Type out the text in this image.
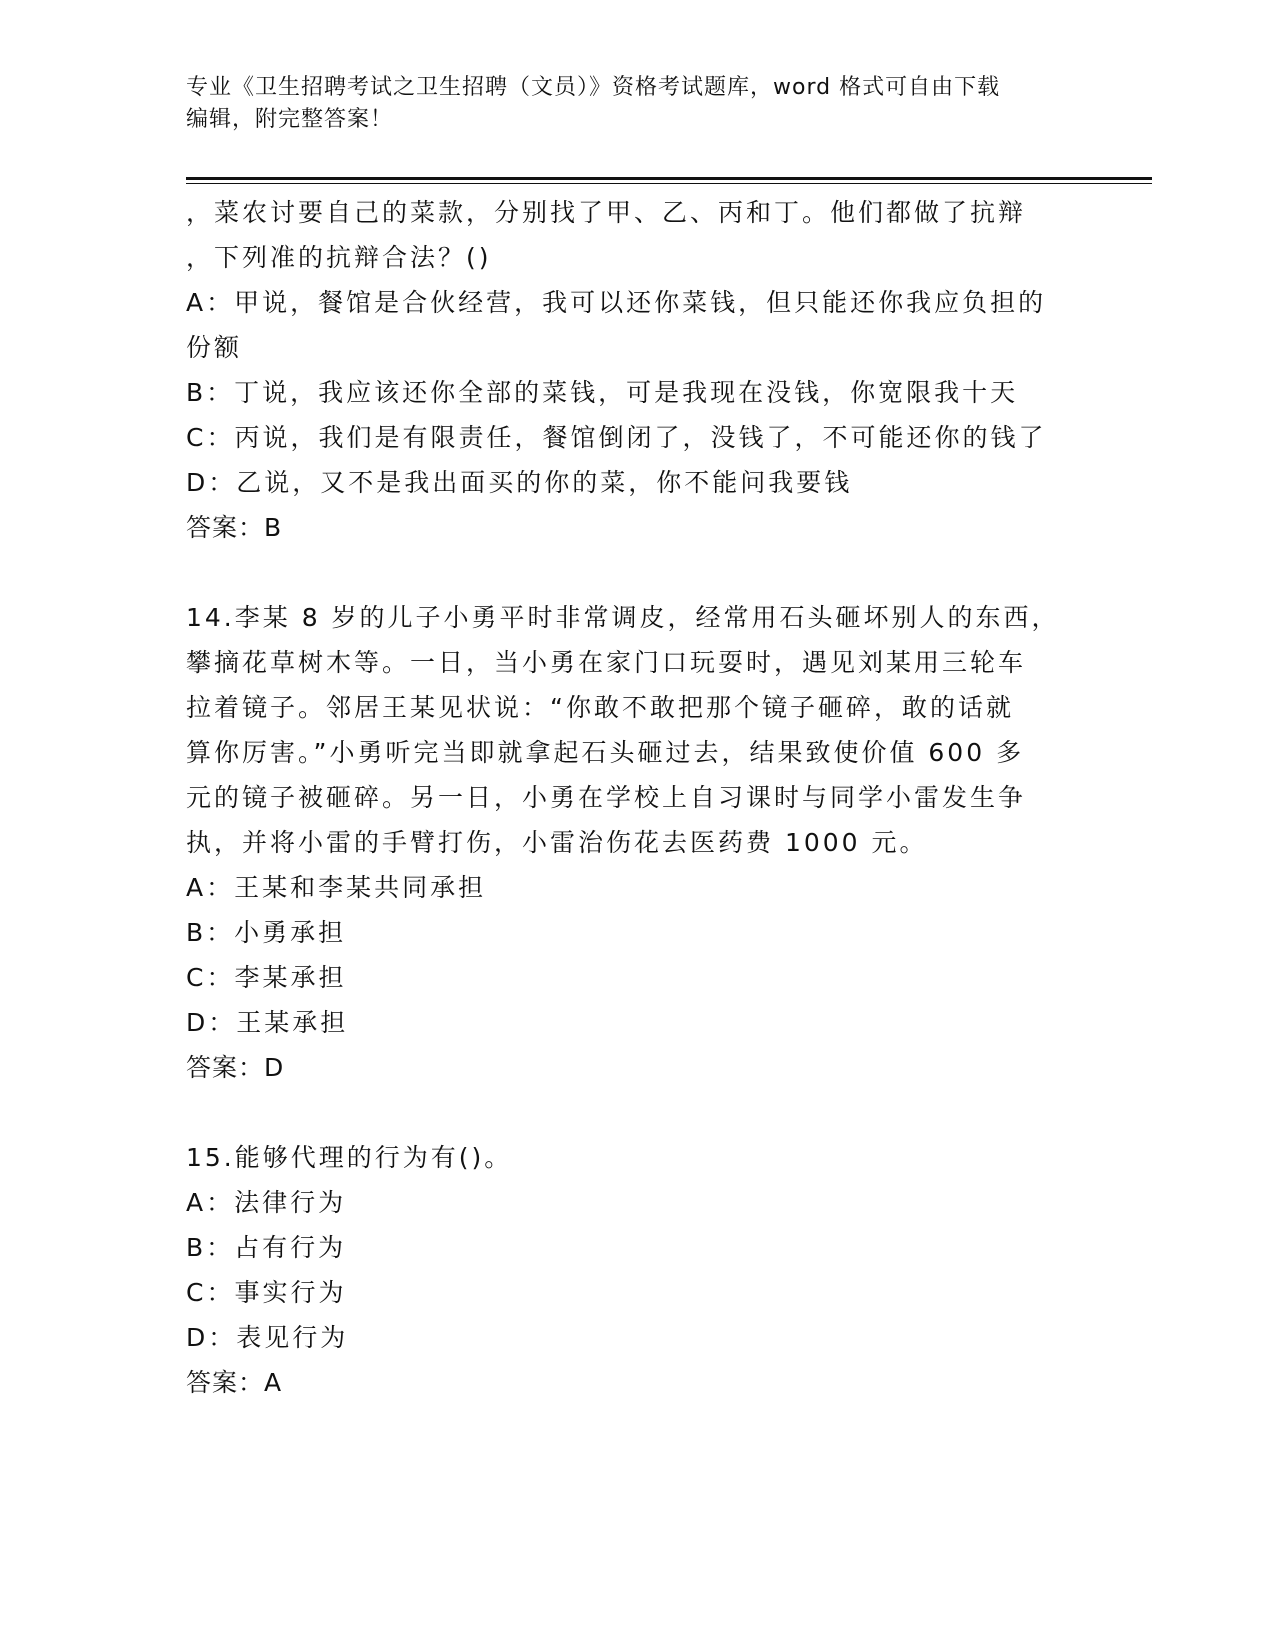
专业《卫生招聘考试之卫生招聘（文员）》资格考试题库，word 格式可自由下载
编辑，附完整答案！
，菜农讨要自己的菜款，分别找了甲、乙、丙和丁。他们都做了抗辩
，下列准的抗辩合法？()
A：甲说，餐馆是合伙经营，我可以还你菜钱，但只能还你我应负担的
份额
B：丁说，我应该还你全部的菜钱，可是我现在没钱，你宽限我十天
C：丙说，我们是有限责任，餐馆倒闭了，没钱了，不可能还你的钱了
D：乙说，又不是我出面买的你的菜，你不能问我要钱
答案：B
14.李某 8 岁的儿子小勇平时非常调皮，经常用石头砸坏别人的东西，
攀摘花草树木等。一日，当小勇在家门口玩耍时，遇见刘某用三轮车
拉着镜子。邻居王某见状说：“你敢不敢把那个镜子砸碎，敢的话就
算你厉害。”小勇听完当即就拿起石头砸过去，结果致使价值 600 多
元的镜子被砸碎。另一日，小勇在学校上自习课时与同学小雷发生争
执，并将小雷的手臂打伤，小雷治伤花去医药费 1000 元。
A：王某和李某共同承担
B：小勇承担
C：李某承担
D：王某承担
答案：D
15.能够代理的行为有()。
A：法律行为
B：占有行为
C：事实行为
D：表见行为
答案：A
